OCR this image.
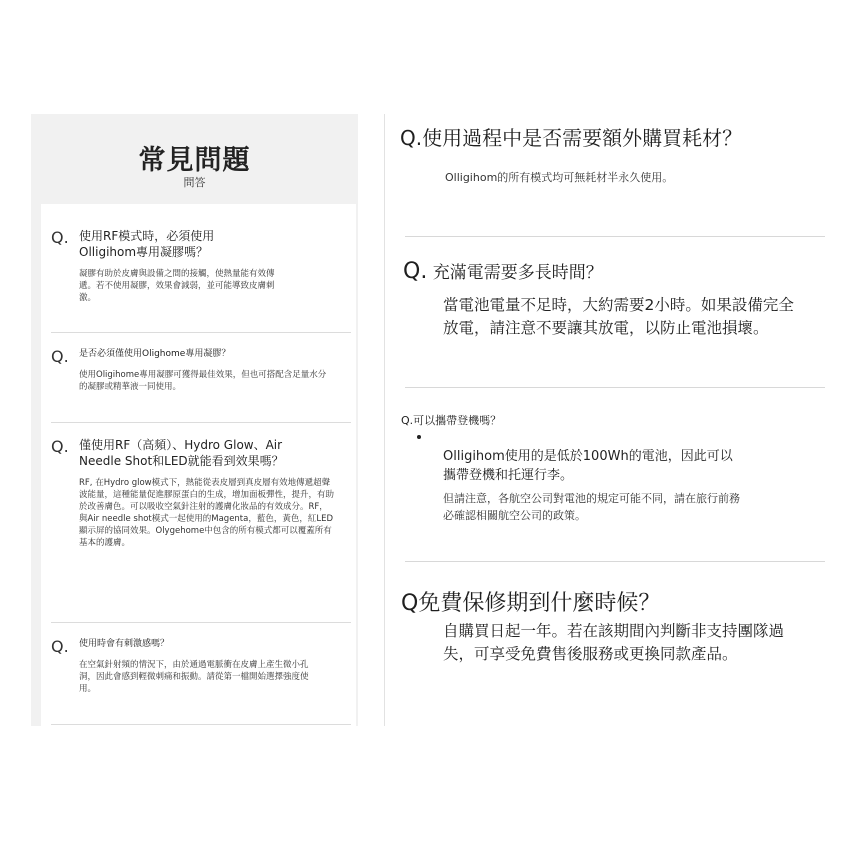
常見問題
問答
Q. 使用RF模式時，必須使用Olligihom專用凝膠嗎？
凝膠有助於皮膚與設備之間的接觸，使熱量能有效傳遞。若不使用凝膠，效果會減弱，並可能導致皮膚刺激。
Q. 是否必須僅使用Olighome專用凝膠？
使用Oligihome專用凝膠可獲得最佳效果，但也可搭配含足量水分的凝膠或精華液一同使用。
Q. 僅使用RF（高頻）、Hydro Glow、Air Needle Shot和LED就能看到效果嗎？
RF, 在Hydro glow模式下，熱能從表皮層到真皮層有效地傳遞超聲波能量，這種能量促進膠原蛋白的生成，增加面板彈性，提升，有助於改善膚色。可以吸收空氣針注射的護膚化妝品的有效成分。RF，與Air needle shot模式一起使用的Magenta，藍色，黃色，紅LED顯示屏的協同效果。Olygehome中包含的所有模式都可以覆蓋所有基本的護膚。
Q. 使用時會有刺激感嗎？
在空氣針射頻的情況下，由於通過電脈衝在皮膚上產生微小孔洞，因此會感到輕微刺痛和振動。請從第一檔開始選擇強度使用。
Q.使用過程中是否需要額外購買耗材？
Olligihom的所有模式均可無耗材半永久使用。
Q. 充滿電需要多長時間？
當電池電量不足時，大約需要2小時。如果設備完全放電，請注意不要讓其放電，以防止電池損壞。
Q.可以攜帶登機嗎？
Olligihom使用的是低於100Wh的電池，因此可以攜帶登機和托運行李。
但請注意，各航空公司對電池的規定可能不同，請在旅行前務必確認相關航空公司的政策。
Q免費保修期到什麼時候？
自購買日起一年。若在該期間內判斷非支持團隊過失，可享受免費售後服務或更換同款產品。
